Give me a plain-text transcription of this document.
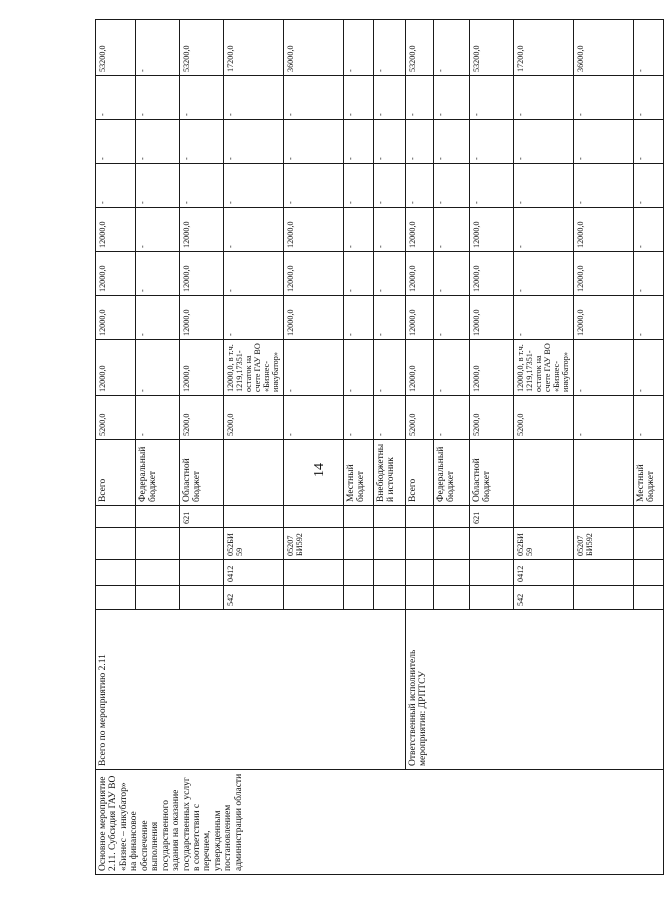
14
Основное мероприятие 2.11. Субсидия ГАУ ВО «Бизнес – инкубатор» на финансовое обеспечение выполнения государственного задания на оказание государственных услуг в соответствии с перечнем, утвержденным постановлением администрации области	Всего по мероприятию 2.11					Всего	5200,0	12000,0	12000,0	12000,0	12000,0	-	-	-	53200,0
						Федеральный бюджет	-	-	-	-	-	-	-	-	-
					621	Областной бюджет	5200,0	12000,0	12000,0	12000,0	12000,0	-	-	-	53200,0
		542	0412	052БИ59			5200,0	12000,0, в т.ч. 1219,17351- остаток на счете ГАУ ВО «Бизнес-инкубатор»	-	-	-	-	-	-	17200,0
				05207БИ592			-	-	12000,0	12000,0	12000,0	-	-	-	36000,0
						Местный бюджет	-	-	-	-	-	-	-	-	-
						Внебюджетный источник	-	-	-	-	-	-	-	-	-
	Ответственный исполнитель мероприятия: ДРПТСУ					Всего	5200,0	12000,0	12000,0	12000,0	12000,0	-	-	-	53200,0
						Федеральный бюджет	-	-	-	-	-	-	-	-	-
					621	Областной бюджет	5200,0	12000,0	12000,0	12000,0	12000,0	-	-	-	53200,0
		542	0412	052БИ59			5200,0	12000,0, в т.ч. 1219,17351- остаток на счете ГАУ ВО «Бизнес-инкубатор»	-	-	-	-	-	-	17200,0
				05207БИ592			-	-	12000,0	12000,0	12000,0	-	-	-	36000,0
						Местный бюджет	-	-	-	-	-	-	-	-	-
